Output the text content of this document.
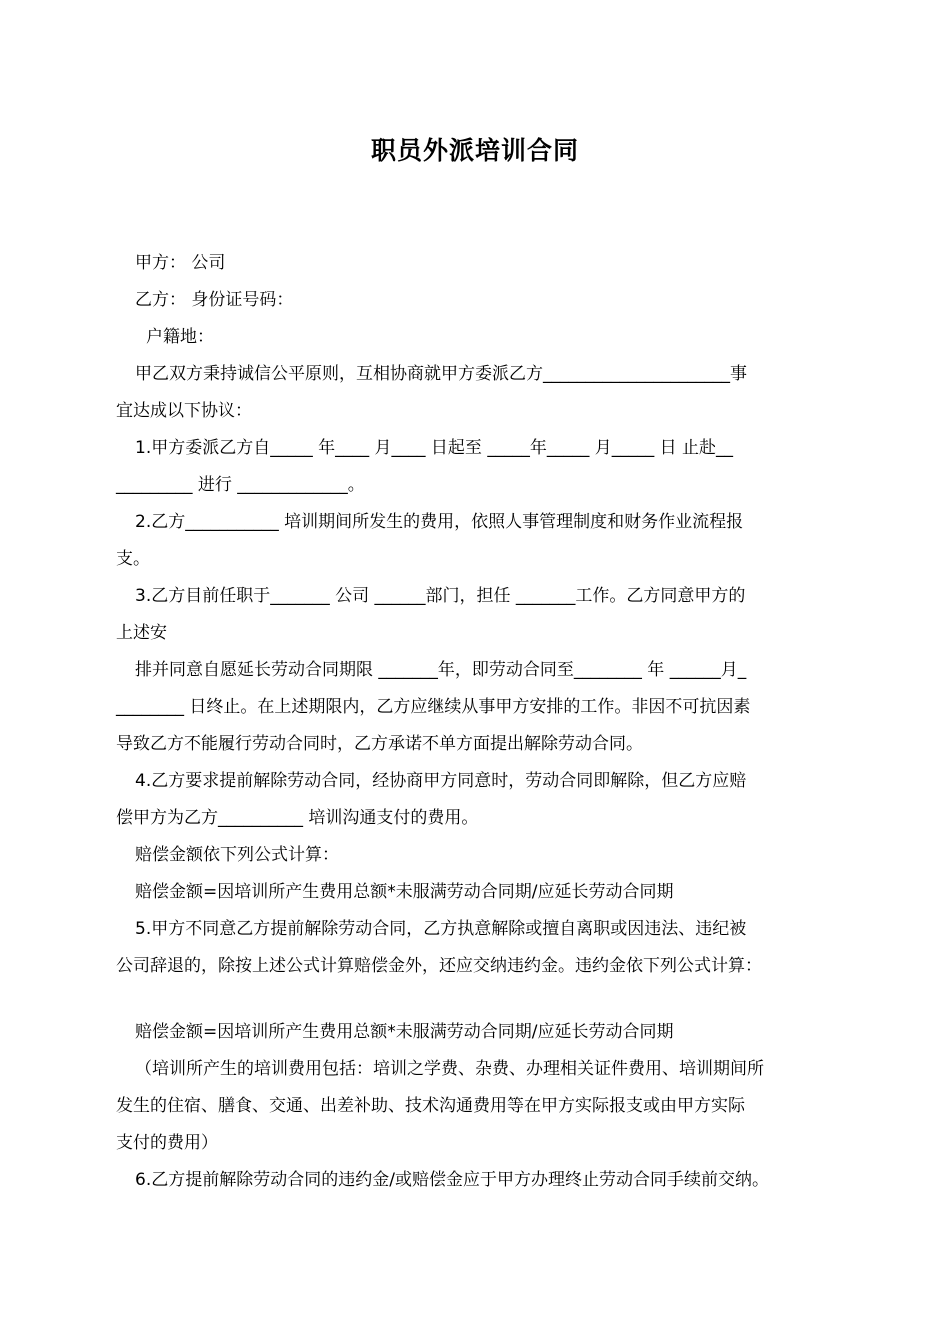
职员外派培训合同
甲方： 公司
乙方： 身份证号码：
户籍地：
甲乙双方秉持诚信公平原则，互相协商就甲方委派乙方______________________事
宜达成以下协议：
1.甲方委派乙方自_____ 年____ 月____ 日起至 _____年_____ 月_____ 日 止赴__
_________ 进行 _____________。
2.乙方___________ 培训期间所发生的费用，依照人事管理制度和财务作业流程报
支。
3.乙方目前任职于_______ 公司 ______部门，担任 _______工作。乙方同意甲方的
上述安
排并同意自愿延长劳动合同期限 _______年，即劳动合同至________ 年 ______月_
________ 日终止。在上述期限内，乙方应继续从事甲方安排的工作。非因不可抗因素
导致乙方不能履行劳动合同时，乙方承诺不单方面提出解除劳动合同。
4.乙方要求提前解除劳动合同，经协商甲方同意时，劳动合同即解除，但乙方应赔
偿甲方为乙方__________ 培训沟通支付的费用。
赔偿金额依下列公式计算：
赔偿金额=因培训所产生费用总额*未服满劳动合同期/应延长劳动合同期
5.甲方不同意乙方提前解除劳动合同，乙方执意解除或擅自离职或因违法、违纪被
公司辞退的，除按上述公式计算赔偿金外，还应交纳违约金。违约金依下列公式计算：
赔偿金额=因培训所产生费用总额*未服满劳动合同期/应延长劳动合同期
（培训所产生的培训费用包括：培训之学费、杂费、办理相关证件费用、培训期间所
发生的住宿、膳食、交通、出差补助、技术沟通费用等在甲方实际报支或由甲方实际
支付的费用）
6.乙方提前解除劳动合同的违约金/或赔偿金应于甲方办理终止劳动合同手续前交纳。
